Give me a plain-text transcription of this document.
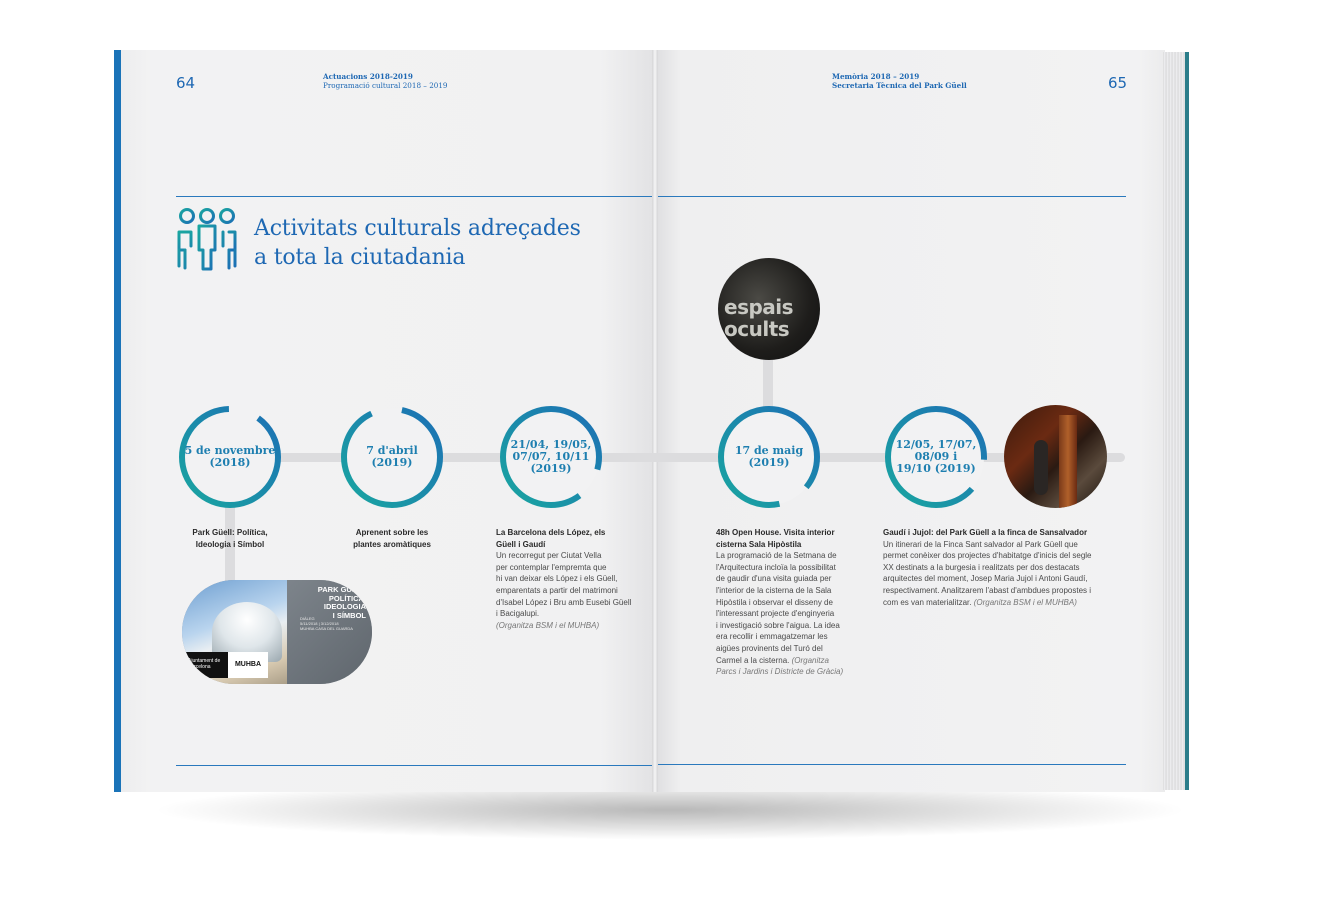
64	Actuacions 2018-2019
Programació cultural 2018 – 2019
Memòria 2018 – 2019
Secretaria Tècnica del Park Güell	65
Activitats culturals adreçades
a tota la ciutadania
5 de novembre
(2018)
7 d'abril
(2019)
21/04, 19/05,
07/07, 10/11
(2019)
17 de maig
(2019)
12/05, 17/07,
08/09 i
19/10 (2019)
espais
ocults
PARK GÜELL
POLÍTICA, IDEOLOGIA
I SÍMBOL
DIÀLEG
5/11/2018 | 3/12/2018
MUHBA CASA DEL GUARDA
Ajuntament de
Barcelona	MUHBA
Park Güell: Política,
Ideologia i Símbol
Aprenent sobre les
plantes aromàtiques
La Barcelona dels López, els
Güell i Gaudí
Un recorregut per Ciutat Vella
per contemplar l'empremta que
hi van deixar els López i els Güell,
emparentats a partir del matrimoni
d'Isabel López i Bru amb Eusebi Güell
i Bacigalupi.
(Organitza BSM i el MUHBA)
48h Open House. Visita interior
cisterna Sala Hipòstila
La programació de la Setmana de
l'Arquitectura incloïa la possibilitat
de gaudir d'una visita guiada per
l'interior de la cisterna de la Sala
Hipòstila i observar el disseny de
l'interessant projecte d'enginyeria
i investigació sobre l'aigua. La idea
era recollir i emmagatzemar les
aigües provinents del Turó del
Carmel a la cisterna. (Organitza
Parcs i Jardins i Districte de Gràcia)
Gaudí i Jujol: del Park Güell a la finca de Sansalvador
Un itinerari de la Finca Sant salvador al Park Güell que
permet conèixer dos projectes d'habitatge d'inicis del segle
XX destinats a la burgesia i realitzats per dos destacats
arquitectes del moment, Josep Maria Jujol i Antoni Gaudí,
respectivament. Analitzarem l'abast d'ambdues propostes i
com es van materialitzar. (Organitza BSM i el MUHBA)
